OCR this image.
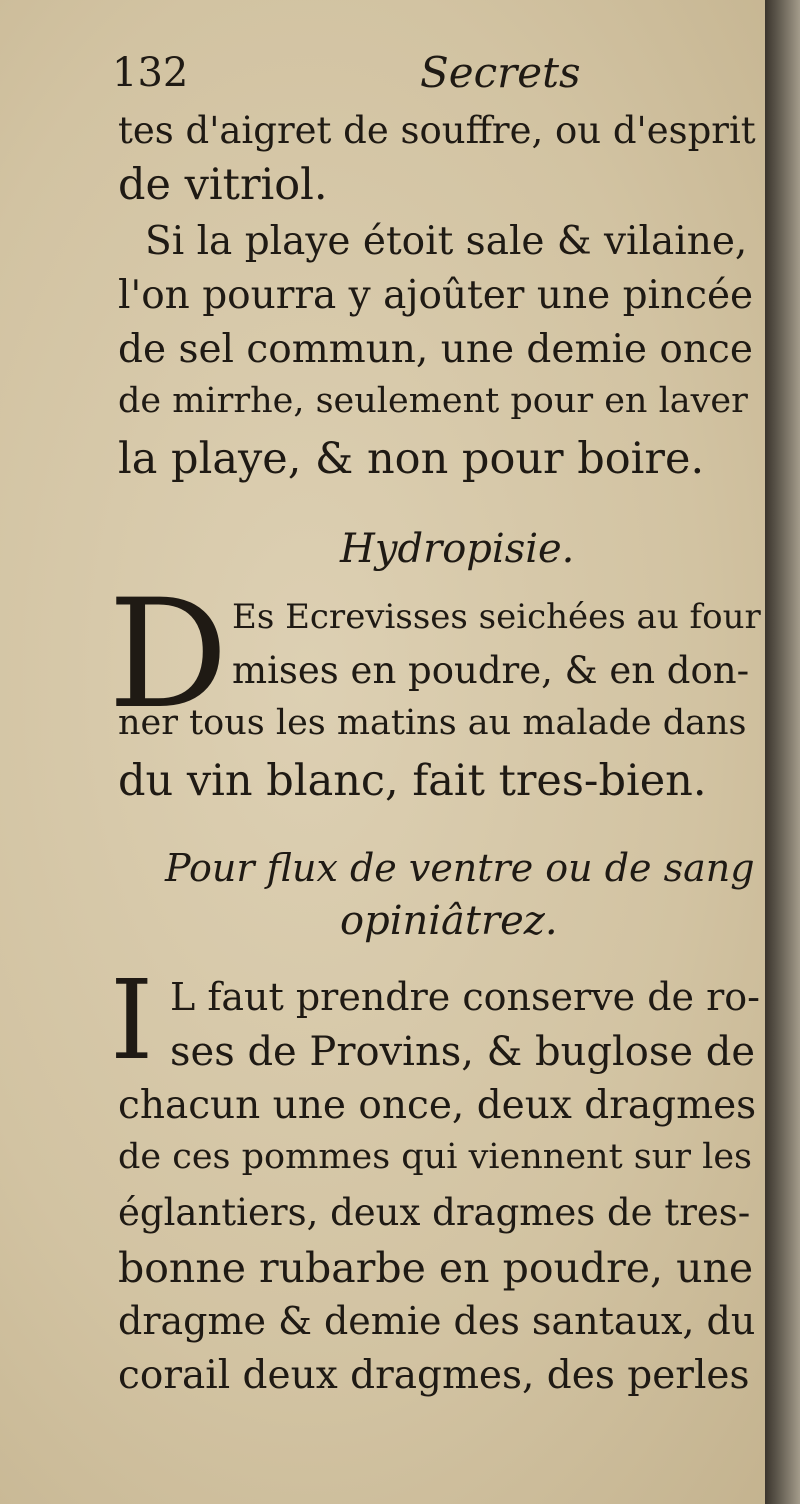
132	Secrets
tes d'aigret de souffre, ou d'esprit
de vitriol.
Si la playe étoit sale & vilaine,
l'on pourra y ajoûter une pincée
de sel commun, une demie once
de mirrhe, seulement pour en laver
la playe, & non pour boire.
Hydropisie.
D Es Ecrevisses seichées au four
mises en poudre, & en don-
ner tous les matins au malade dans
du vin blanc, fait tres-bien.
Pour flux de ventre ou de sang
opiniâtrez.
I L faut prendre conserve de ro-
ses de Provins, & buglose de
chacun une once, deux dragmes
de ces pommes qui viennent sur les
églantiers, deux dragmes de tres-
bonne rubarbe en poudre, une
dragme & demie des santaux, du
corail deux dragmes, des perles
